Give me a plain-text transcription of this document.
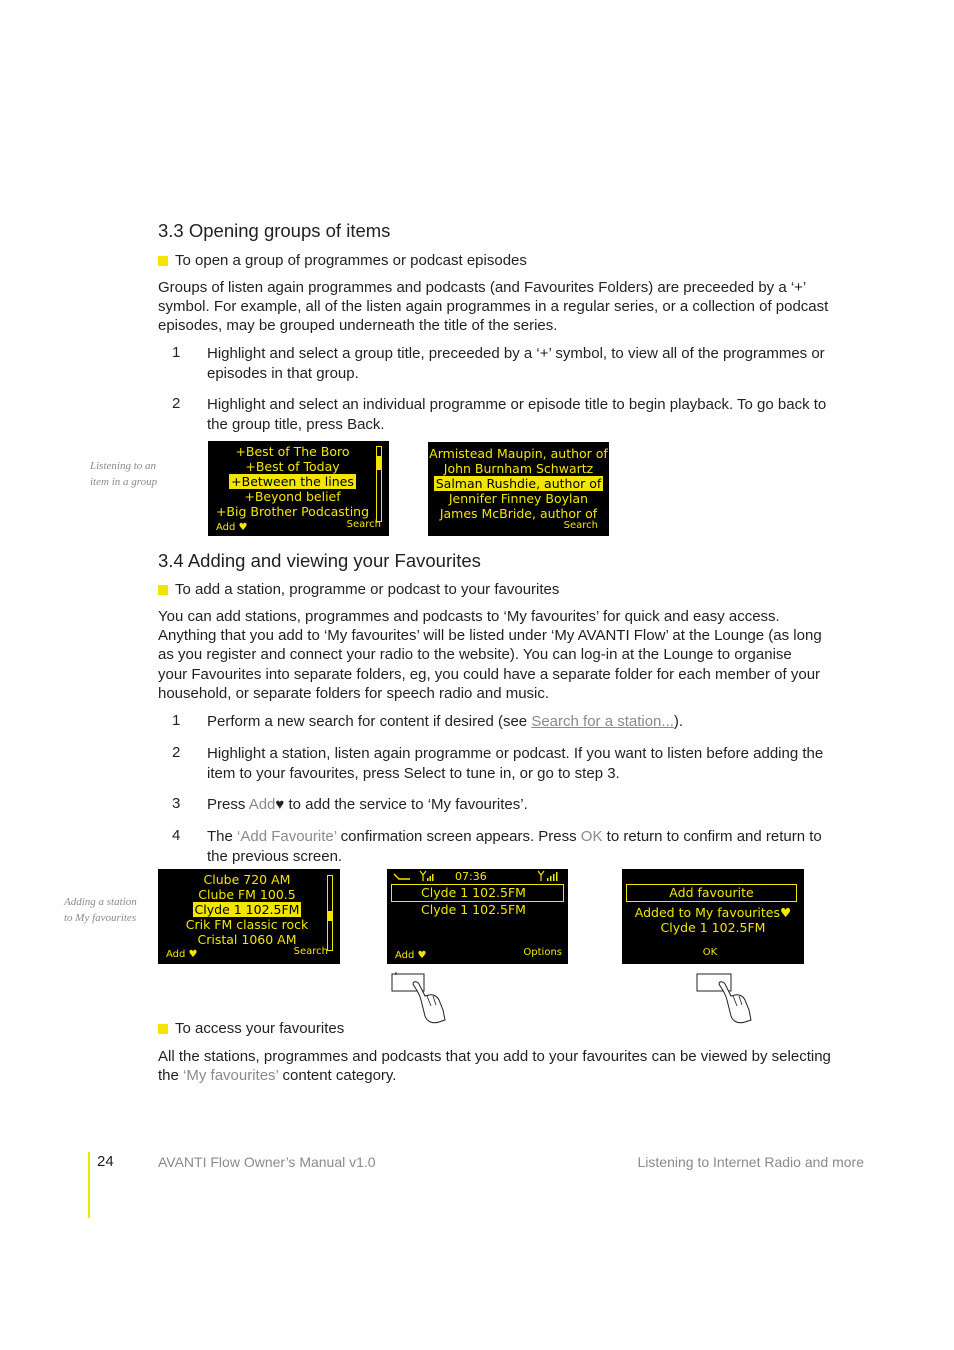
3.3 Opening groups of items
To open a group of programmes or podcast episodes
Groups of listen again programmes and podcasts (and Favourites Folders) are preceeded by a ‘+’
symbol. For example, all of the listen again programmes in a regular series, or a collection of podcast
episodes, may be grouped underneath the title of the series.
1 Highlight and select a group title, preceeded by a ‘+’ symbol, to view all of the programmes or
episodes in that group.
2 Highlight and select an individual programme or episode title to begin playback. To go back to
the group title, press Back.
Listening to an
item in a group
+Best of The Boro
+Best of Today
+Between the lines
+Beyond belief
+Big Brother Podcasting
Add ♥	Search
Armistead Maupin, author of
John Burnham Schwartz
Salman Rushdie, author of
Jennifer Finney Boylan
James McBride, author of
Search
3.4 Adding and viewing your Favourites
To add a station, programme or podcast to your favourites
You can add stations, programmes and podcasts to ‘My favourites’ for quick and easy access.
Anything that you add to ‘My favourites’ will be listed under ‘My AVANTI Flow’ at the Lounge (as long
as you register and connect your radio to the website). You can log-in at the Lounge to organise
your Favourites into separate folders, eg, you could have a separate folder for each member of your
household, or separate folders for speech radio and music.
1 Perform a new search for content if desired (see Search for a station...).
2 Highlight a station, listen again programme or podcast. If you want to listen before adding the
item to your favourites, press Select to tune in, or go to step 3.
3 Press Add♥ to add the service to ‘My favourites’.
4 The ‘Add Favourite’ confirmation screen appears. Press OK to return to confirm and return to
the previous screen.
Adding a station
to My favourites
Clube 720 AM
Clube FM 100.5
Clyde 1 102.5FM
Crik FM classic rock
Cristal 1060 AM
Add ♥	Search
07:36
Clyde 1 102.5FM
Clyde 1 102.5FM
Add ♥	Options
Add favourite
Added to My favourites♥
Clyde 1 102.5FM
OK
To access your favourites
All the stations, programmes and podcasts that you add to your favourites can be viewed by selecting
the ‘My favourites’ content category.
24	AVANTI Flow Owner’s Manual v1.0	Listening to Internet Radio and more
